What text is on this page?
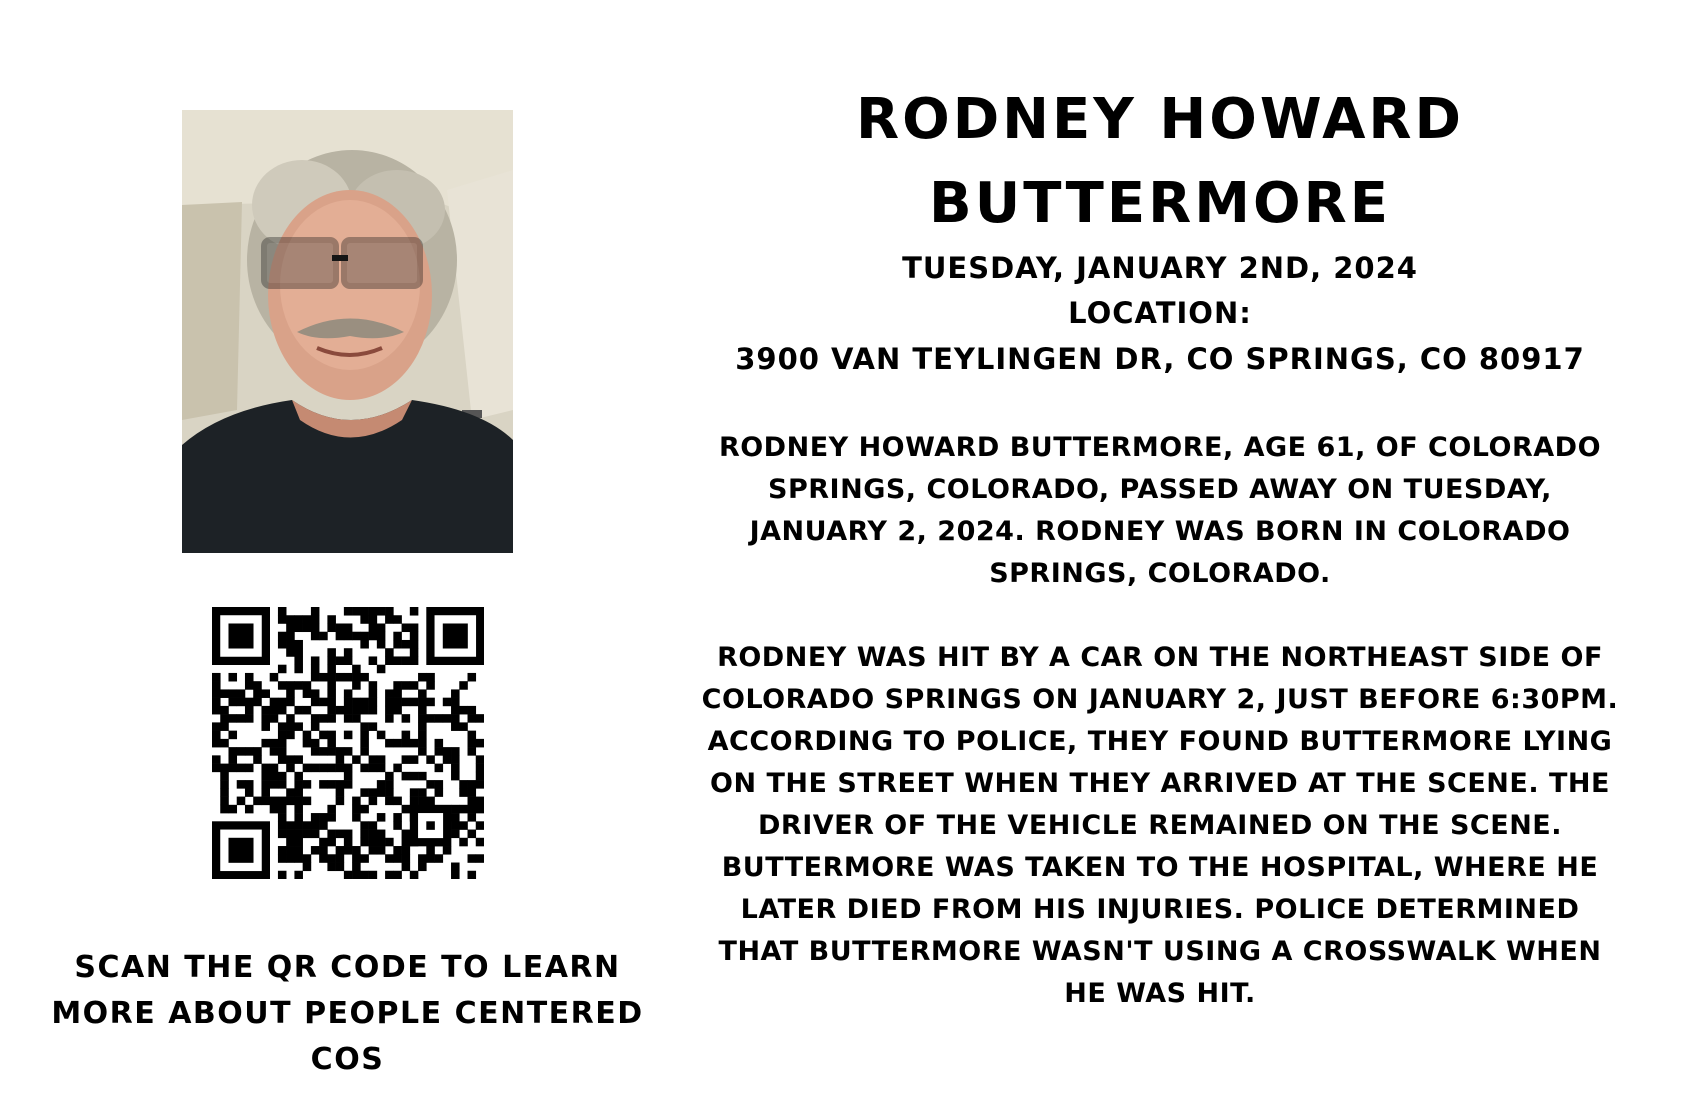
SCAN THE QR CODE TO LEARN MORE ABOUT PEOPLE CENTERED COS
RODNEY HOWARD BUTTERMORE
TUESDAY, JANUARY 2ND, 2024
LOCATION:
3900 VAN TEYLINGEN DR, CO SPRINGS, CO 80917
RODNEY HOWARD BUTTERMORE, AGE 61, OF COLORADO SPRINGS, COLORADO, PASSED AWAY ON TUESDAY, JANUARY 2, 2024. RODNEY WAS BORN IN COLORADO SPRINGS, COLORADO.
RODNEY WAS HIT BY A CAR ON THE NORTHEAST SIDE OF COLORADO SPRINGS ON JANUARY 2, JUST BEFORE 6:30PM. ACCORDING TO POLICE, THEY FOUND BUTTERMORE LYING ON THE STREET WHEN THEY ARRIVED AT THE SCENE. THE DRIVER OF THE VEHICLE REMAINED ON THE SCENE. BUTTERMORE WAS TAKEN TO THE HOSPITAL, WHERE HE LATER DIED FROM HIS INJURIES. POLICE DETERMINED THAT BUTTERMORE WASN'T USING A CROSSWALK WHEN HE WAS HIT.
